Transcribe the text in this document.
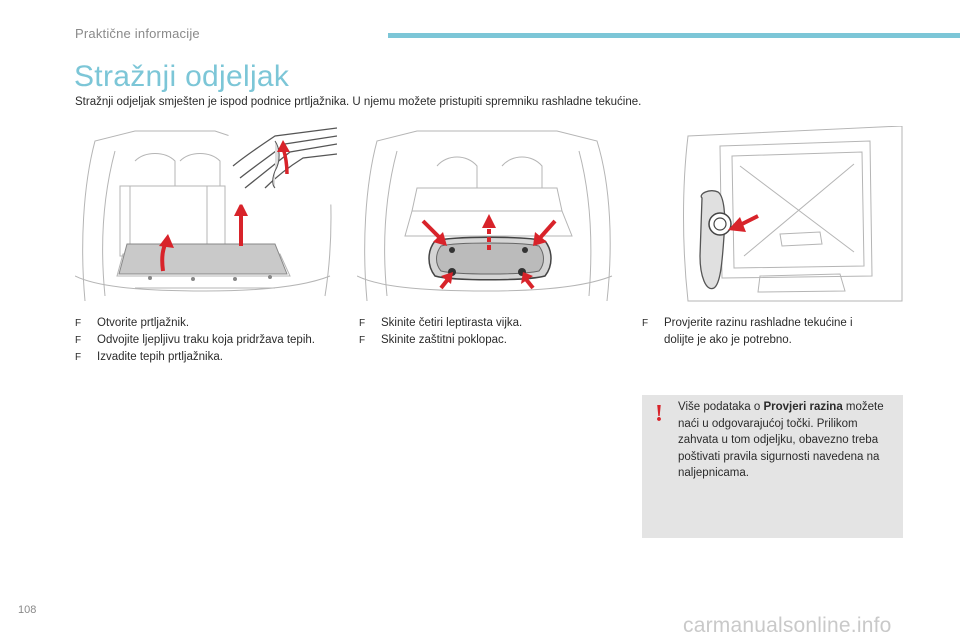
Praktične informacije
Stražnji odjeljak
Stražnji odjeljak smješten je ispod podnice prtljažnika. U njemu možete pristupiti spremniku rashladne tekućine.
F Otvorite prtljažnik.
F Odvojite ljepljivu traku koja pridržava tepih.
F Izvadite tepih prtljažnika.
F Skinite četiri leptirasta vijka.
F Skinite zaštitni poklopac.
F Provjerite razinu rashladne tekućine i dolijte je ako je potrebno.
! Više podataka o Provjeri razina možete naći u odgovarajućoj točki. Prilikom zahvata u tom odjeljku, obavezno treba poštivati pravila sigurnosti navedena na naljepnicama.
108
carmanualsonline.info
